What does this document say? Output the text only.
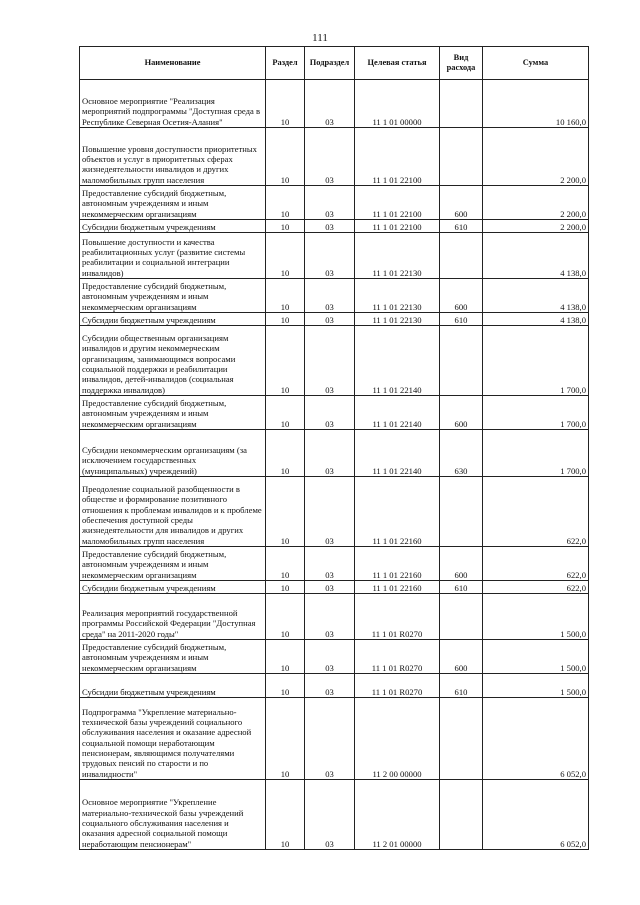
111
Наименование	Раздел	Подраздел	Целевая статья	Вид расхода	Сумма
Основное мероприятие "Реализация мероприятий подпрограммы "Доступная среда в Республике Северная Осетия-Алания"	10	03	11 1 01 00000		10 160,0
Повышение уровня доступности приоритетных объектов и услуг в приоритетных сферах жизнедеятельности инвалидов и других маломобильных групп населения	10	03	11 1 01 22100		2 200,0
Предоставление субсидий бюджетным, автономным учреждениям и иным некоммерческим организациям	10	03	11 1 01 22100	600	2 200,0
Субсидии бюджетным учреждениям	10	03	11 1 01 22100	610	2 200,0
Повышение доступности и качества реабилитационных услуг (развитие системы реабилитации и социальной интеграции инвалидов)	10	03	11 1 01 22130		4 138,0
Предоставление субсидий бюджетным, автономным учреждениям и иным некоммерческим организациям	10	03	11 1 01 22130	600	4 138,0
Субсидии бюджетным учреждениям	10	03	11 1 01 22130	610	4 138,0
Субсидии общественным организациям инвалидов и другим некоммерческим организациям, занимающимся вопросами социальной поддержки и реабилитации инвалидов, детей-инвалидов (социальная поддержка инвалидов)	10	03	11 1 01 22140		1 700,0
Предоставление субсидий бюджетным, автономным учреждениям и иным некоммерческим организациям	10	03	11 1 01 22140	600	1 700,0
Субсидии некоммерческим организациям (за исключением государственных (муниципальных) учреждений)	10	03	11 1 01 22140	630	1 700,0
Преодоление социальной разобщенности в обществе и формирование позитивного отношения к проблемам инвалидов и к проблеме обеспечения доступной среды жизнедеятельности для инвалидов и других маломобильных групп населения	10	03	11 1 01 22160		622,0
Предоставление субсидий бюджетным, автономным учреждениям и иным некоммерческим организациям	10	03	11 1 01 22160	600	622,0
Субсидии бюджетным учреждениям	10	03	11 1 01 22160	610	622,0
Реализация мероприятий государственной программы Российской Федерации "Доступная среда" на 2011-2020 годы"	10	03	11 1 01 R0270		1 500,0
Предоставление субсидий бюджетным, автономным учреждениям и иным некоммерческим организациям	10	03	11 1 01 R0270	600	1 500,0
Субсидии бюджетным учреждениям	10	03	11 1 01 R0270	610	1 500,0
Подпрограмма "Укрепление материально-технической базы учреждений социального обслуживания населения и оказание адресной социальной помощи неработающим пенсионерам, являющимся получателями трудовых пенсий по старости и по инвалидности"	10	03	11 2 00 00000		6 052,0
Основное мероприятие "Укрепление материально-технической базы учреждений социального обслуживания населения и оказания адресной социальной помощи неработающим пенсионерам"	10	03	11 2 01 00000		6 052,0
